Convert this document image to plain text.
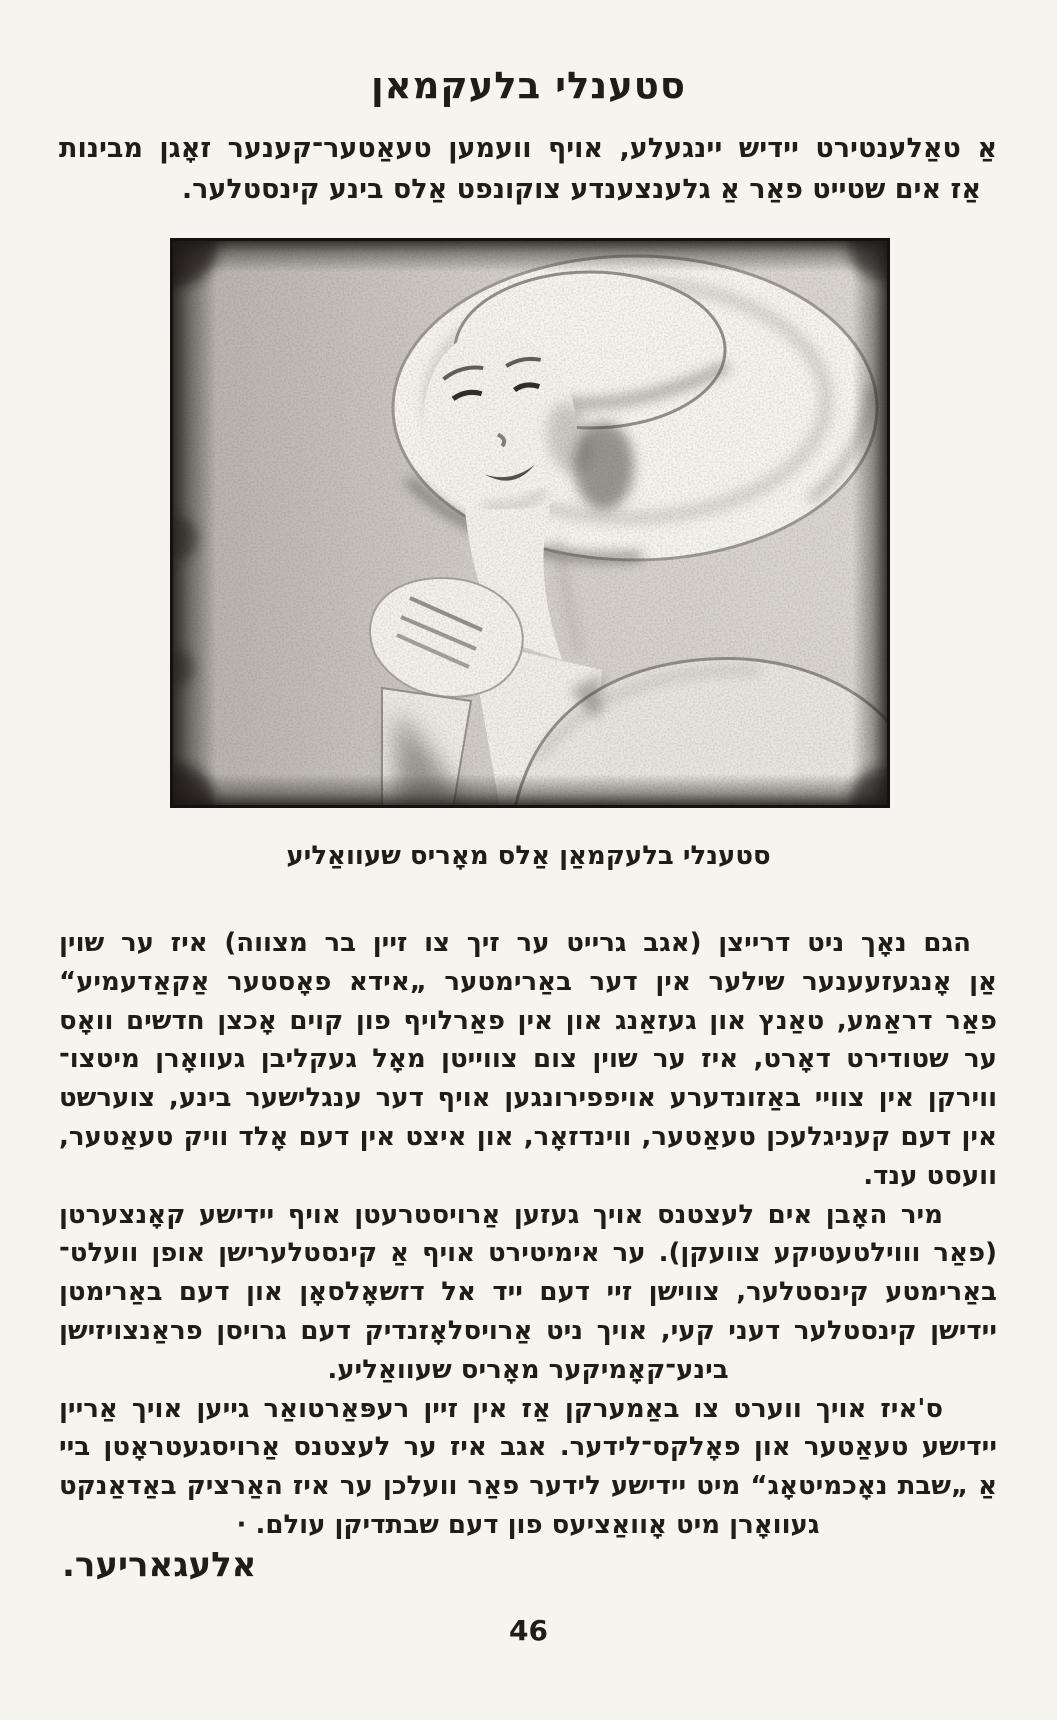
סטענלי בלעקמאן
אַ טאַלענטירט יידיש יינגעלע, אויף וועמען טעאַטער־קענער זאָגן מבינות
אַז אים שטייט פאַר אַ גלענצענדע צוקונפט אַלס בינע קינסטלער.
סטענלי בלעקמאַן אַלס מאָריס שעוואַליע
הגם נאָך ניט דרייצן (אגב גרייט ער זיך צו זיין בר מצווה) איז ער שוין
אַן אָנגעזעענער שילער אין דער באַרימטער „אידא פאָסטער אַקאַדעמיע“
פאַר דראַמע, טאַנץ און געזאַנג און אין פאַרלויף פון קוים אָכצן חדשים וואָס
ער שטודירט דאָרט, איז ער שוין צום צווייטן מאָל געקליבן געוואָרן מיטצו־
ווירקן אין צוויי באַזונדערע אויפפירונגען אויף דער ענגלישער בינע, צוערשט
אין דעם קעניגלעכן טעאַטער, ווינדזאָר, און איצט אין דעם אָלד וויק טעאַטער,
וועסט ענד.
מיר האָבן אים לעצטנס אויך געזען אַרויסטרעטן אויף יידישע קאָנצערטן
(פאַר וווילטעטיקע צוועקן). ער אימיטירט אויף אַ קינסטלערישן אופן וועלט־
באַרימטע קינסטלער, צווישן זיי דעם ייד אל דזשאָלסאָן און דעם באַרימטן
יידישן קינסטלער דעני קעי, אויך ניט אַרויסלאָזנדיק דעם גרויסן פראַנצויזישן
בינע־קאָמיקער מאָריס שעוואַליע.
ס'איז אויך ווערט צו באַמערקן אַז אין זיין רעפּאַרטואַר גייען אויך אַריין
יידישע טעאַטער און פאָלקס־לידער. אגב איז ער לעצטנס אַרויסגעטראָטן ביי
אַ „שבת נאָכמיטאָג“ מיט יידישע לידער פאַר וועלכן ער איז האַרציק באַדאַנקט
געוואָרן מיט אָוואַציעס פון דעם שבתדיקן עולם. ·
אלעגאריער.
46
